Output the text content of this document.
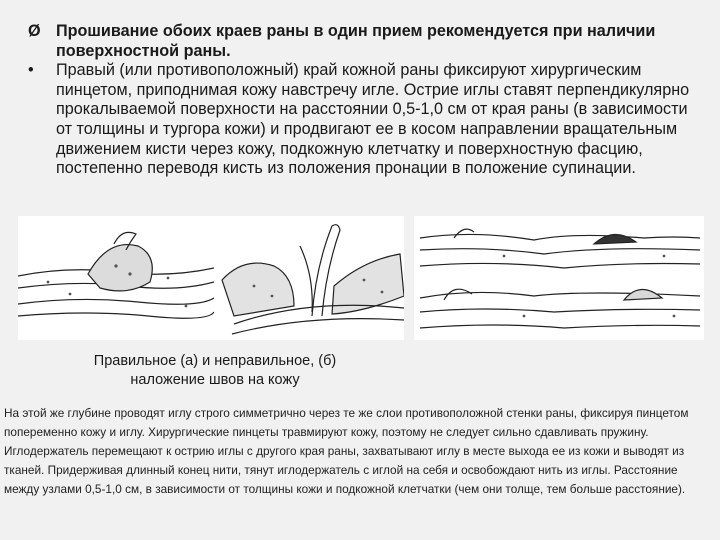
Ø Прошивание обоих краев раны в один прием рекомендуется при наличии поверхностной раны.
•	Правый (или противоположный) край кожной раны фиксируют хирургическим пинцетом, приподнимая кожу навстречу игле. Острие иглы ставят перпендикулярно прокалываемой поверхности на расстоянии 0,5-1,0 см от края раны (в зависимости от толщины и тургора кожи) и продвигают ее в косом направлении вращательным движением кисти через кожу, подкожную клетчатку и поверхностную фасцию, постепенно переводя кисть из положения пронации в положение супинации.
Правильное (а) и неправильное, (б)
наложение швов на кожу
На этой же глубине проводят иглу строго симметрично через те же слои противоположной стенки раны, фиксируя пинцетом попеременно кожу и иглу. Хирургические пинцеты травмируют кожу, поэтому не следует сильно сдавливать пружину. Иглодержатель перемещают к острию иглы с другого края раны, захватывают иглу в месте выхода ее из кожи и выводят из тканей. Придерживая длинный конец нити, тянут иглодержатель с иглой на себя и освобождают нить из иглы. Расстояние между узлами 0,5-1,0 см, в зависимости от толщины кожи и подкожной клетчатки (чем они толще, тем больше расстояние).
